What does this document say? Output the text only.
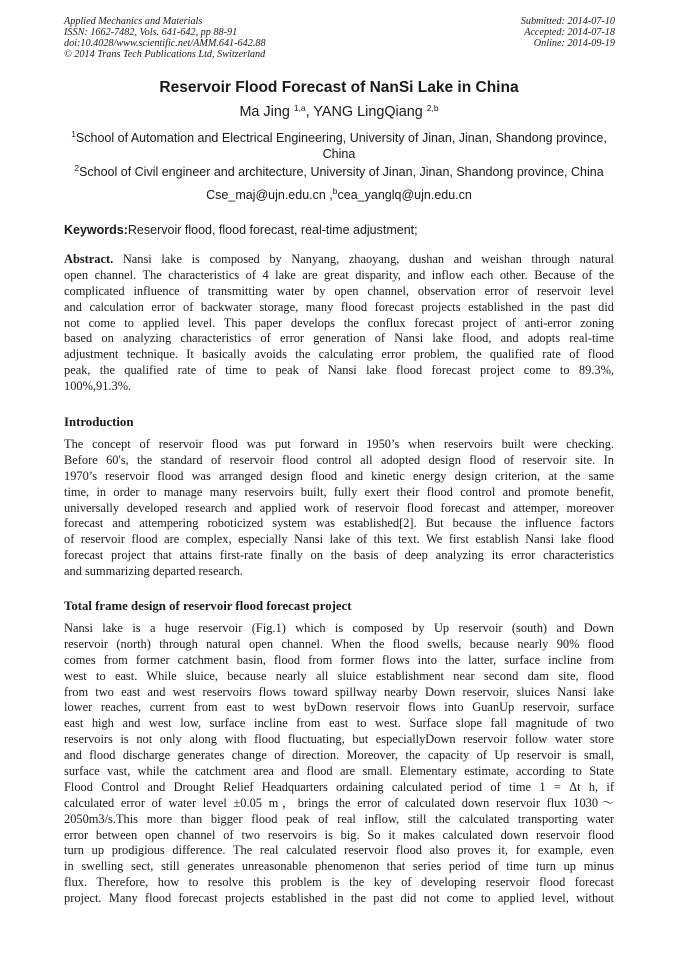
Applied Mechanics and Materials
ISSN: 1662-7482, Vols. 641-642, pp 88-91
doi:10.4028/www.scientific.net/AMM.641-642.88
© 2014 Trans Tech Publications Ltd, Switzerland
Submitted: 2014-07-10
Accepted: 2014-07-18
Online: 2014-09-19
Reservoir Flood Forecast of NanSi Lake in China
Ma Jing $^{1,a}$, YANG LingQiang $^{2,b}$
$^1$School of Automation and Electrical Engineering, University of Jinan, Jinan, Shandong province, China
$^2$School of Civil engineer and architecture, University of Jinan, Jinan, Shandong province, China
Cse_maj@ujn.edu.cn ,$^b$cea_yanglq@ujn.edu.cn
Keywords:Reservoir flood, flood forecast, real-time adjustment;
Abstract. Nansi lake is composed by Nanyang, zhaoyang, dushan and weishan through natural
open channel. The characteristics of 4 lake are great disparity, and inflow each other. Because of the
complicated influence of transmitting water by open channel, observation error of reservoir level
and calculation error of backwater storage, many flood forecast projects established in the past did
not come to applied level. This paper develops the conflux forecast project of anti-error zoning
based on analyzing characteristics of error generation of Nansi lake flood, and adopts real-time
adjustment technique. It basically avoids the calculating error problem, the qualified rate of flood
peak, the qualified rate of time to peak of Nansi lake flood forecast project come to 89.3%,
100%,91.3%.
Introduction
The concept of reservoir flood was put forward in 1950’s when reservoirs built were checking.
Before 60's, the standard of reservoir flood control all adopted design flood of reservoir site. In
1970’s reservoir flood was arranged design flood and kinetic energy design criterion, at the same
time, in order to manage many reservoirs built, fully exert their flood control and promote benefit,
universally developed research and applied work of reservoir flood forecast and attemper, moreover
forecast and attempering roboticized system was established[2]. But because the influence factors
of reservoir flood are complex, especially Nansi lake of this text. We first establish Nansi lake flood
forecast project that attains first-rate finally on the basis of deep analyzing its error characteristics
and summarizing departed research.
Total frame design of reservoir flood forecast project
Nansi lake is a huge reservoir (Fig.1) which is composed by Up reservoir (south) and Down
reservoir (north) through natural open channel. When the flood swells, because nearly 90% flood
comes from former catchment basin, flood from former flows into the latter, surface incline from
west to east. While sluice, because nearly all sluice establishment near second dam site, flood
from two east and west reservoirs flows toward spillway nearby Down reservoir, sluices Nansi lake
lower reaches, current from east to west byDown reservoir flows into GuanUp reservoir, surface
east high and west low, surface incline from east to west. Surface slope fall magnitude of two
reservoirs is not only along with flood fluctuating, but especiallyDown reservoir follow water store
and flood discharge generates change of direction. Moreover, the capacity of Up reservoir is small,
surface vast, while the catchment area and flood are small. Elementary estimate, according to State
Flood Control and Drought Relief Headquarters ordaining calculated period of time 1 = Δt h, if
calculated error of water level ±0.05 m，brings the error of calculated down reservoir flux 1030～
2050m3/s.This more than bigger flood peak of real inflow, still the calculated transporting water
error between open channel of two reservoirs is big. So it makes calculated down reservoir flood
turn up prodigious difference. The real calculated reservoir flood also proves it, for example, even
in swelling sect, still generates unreasonable phenomenon that series period of time turn up minus
flux. Therefore, how to resolve this problem is the key of developing reservoir flood forecast
project. Many flood forecast projects established in the past did not come to applied level, without
